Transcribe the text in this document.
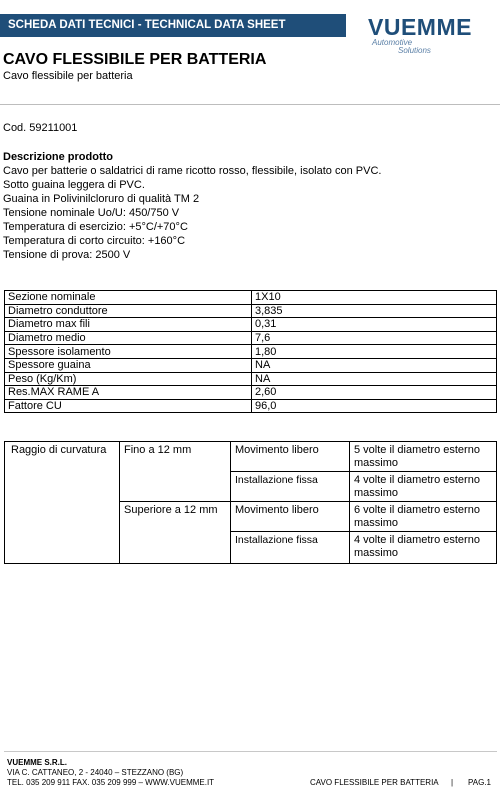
SCHEDA DATI TECNICI - TECHNICAL DATA SHEET	VUEMME
Automotive
Solutions
CAVO FLESSIBILE PER BATTERIA
Cavo flessibile per batteria
Cod. 59211001
Descrizione prodotto
Cavo per batterie o saldatrici di rame ricotto rosso, flessibile, isolato con PVC.
Sotto guaina leggera di PVC.
Guaina in Polivinilcloruro di qualità TM 2
Tensione nominale Uo/U: 450/750 V
Temperatura di esercizio: +5°C/+70°C
Temperatura di corto circuito: +160°C
Tensione di prova: 2500 V
Sezione nominale	1X10
Diametro conduttore	3,835
Diametro max fili	0,31
Diametro medio	7,6
Spessore isolamento	1,80
Spessore guaina	NA
Peso (Kg/Km)	NA
Res.MAX RAME A	2,60
Fattore CU	96,0
Raggio di curvatura	Fino a 12 mm	Movimento libero	5 volte il diametro esterno massimo
		Installazione fissa	4 volte il diametro esterno massimo
	Superiore a 12 mm	Movimento libero	6 volte il diametro esterno massimo
		Installazione fissa	4 volte il diametro esterno massimo
VUEMME S.R.L.
VIA C. CATTANEO, 2 - 24040 – STEZZANO (BG)
TEL. 035 209 911 FAX. 035 209 999 – WWW.VUEMME.IT	CAVO FLESSIBILE PER BATTERIA | PAG.1
